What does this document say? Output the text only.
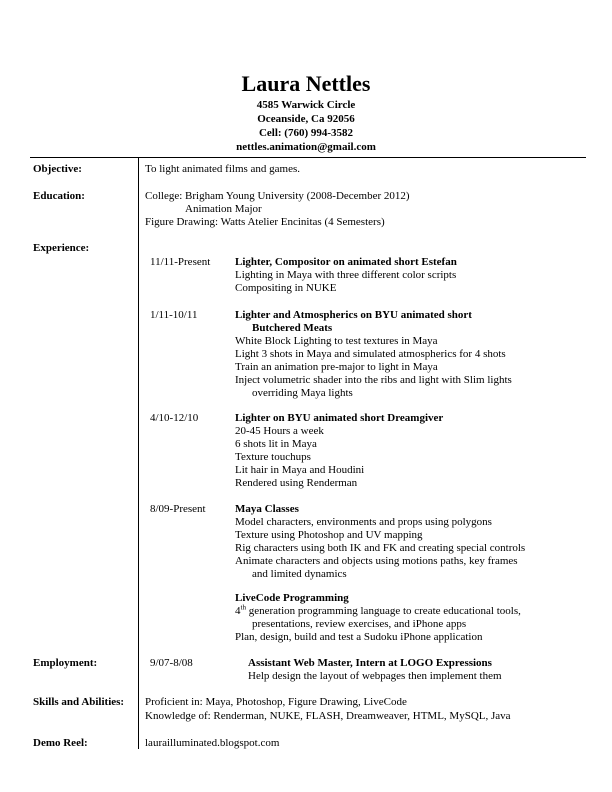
Laura Nettles
4585 Warwick Circle
Oceanside, Ca 92056
Cell: (760) 994-3582
nettles.animation@gmail.com
Objective:	To light animated films and games.
Education:	College: Brigham Young University (2008-December 2012)
Animation Major
Figure Drawing: Watts Atelier Encinitas (4 Semesters)
Experience:
11/11-Present Lighter, Compositor on animated short Estefan
Lighting in Maya with three different color scripts
Compositing in NUKE
1/11-10/11	Lighter and Atmospherics on BYU animated short
Butchered Meats
White Block Lighting to test textures in Maya
Light 3 shots in Maya and simulated atmospherics for 4 shots
Train an animation pre-major to light in Maya
Inject volumetric shader into the ribs and light with Slim lights
overriding Maya lights
4/10-12/10	Lighter on BYU animated short Dreamgiver
20-45 Hours a week
6 shots lit in Maya
Texture touchups
Lit hair in Maya and Houdini
Rendered using Renderman
8/09-Present	Maya Classes
Model characters, environments and props using polygons
Texture using Photoshop and UV mapping
Rig characters using both IK and FK and creating special controls
Animate characters and objects using motions paths, key frames
and limited dynamics
LiveCode Programming
4th generation programming language to create educational tools,
presentations, review exercises, and iPhone apps
Plan, design, build and test a Sudoku iPhone application
Employment:	9/07-8/08	Assistant Web Master, Intern at LOGO Expressions
Help design the layout of webpages then implement them
Skills and Abilities: Proficient in: Maya, Photoshop, Figure Drawing, LiveCode
Knowledge of: Renderman, NUKE, FLASH, Dreamweaver, HTML, MySQL, Java
Demo Reel:	laurailluminated.blogspot.com
